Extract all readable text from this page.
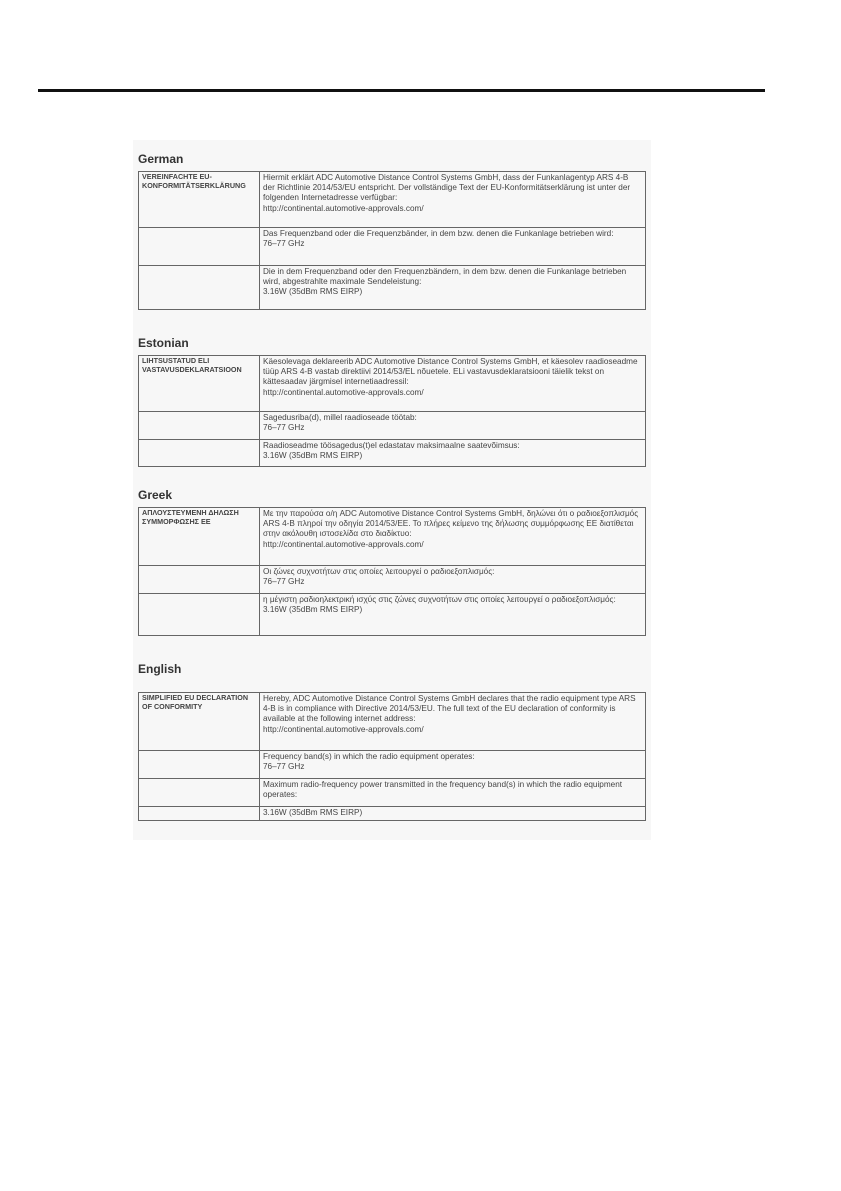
German
VEREINFACHTE EU-KONFORMITÄTSERKLÄRUNG	Hiermit erklärt ADC Automotive Distance Control Systems GmbH, dass der Funkanlagentyp ARS 4-B der Richtlinie 2014/53/EU entspricht. Der vollständige Text der EU-Konformitätserklärung ist unter der folgenden Internetadresse verfügbar:
http://continental.automotive-approvals.com/

	Das Frequenzband oder die Frequenzbänder, in dem bzw. denen die Funkanlage betrieben wird:
76–77 GHz

	Die in dem Frequenzband oder den Frequenzbändern, in dem bzw. denen die Funkanlage betrieben wird, abgestrahlte maximale Sendeleistung:
3.16W (35dBm RMS EIRP)
Estonian
LIHTSUSTATUD ELI VASTAVUSDEKLARATSIOON	Käesolevaga deklareerib ADC Automotive Distance Control Systems GmbH, et käesolev raadioseadme tüüp ARS 4-B vastab direktiivi 2014/53/EL nõuetele. ELi vastavusdeklaratsiooni täielik tekst on kättesaadav järgmisel internetiaadressil:
http://continental.automotive-approvals.com/

	Sagedusriba(d), millel raadioseade töötab:
76–77 GHz

	Raadioseadme töösagedus(t)el edastatav maksimaalne saatevõimsus:
3.16W (35dBm RMS EIRP)
Greek
ΑΠΛΟΥΣΤΕΥΜΕΝΗ ΔΗΛΩΣΗ ΣΥΜΜΟΡΦΩΣΗΣ ΕΕ	Με την παρούσα ο/η ADC Automotive Distance Control Systems GmbH, δηλώνει ότι ο ραδιοεξοπλισμός ARS 4-B πληροί την οδηγία 2014/53/ΕΕ. Το πλήρες κείμενο της δήλωσης συμμόρφωσης ΕΕ διατίθεται στην ακόλουθη ιστοσελίδα στο διαδίκτυο:
http://continental.automotive-approvals.com/

	Οι ζώνες συχνοτήτων στις οποίες λειτουργεί ο ραδιοεξοπλισμός:
76–77 GHz

	η μέγιστη ραδιοηλεκτρική ισχύς στις ζώνες συχνοτήτων στις οποίες λειτουργεί ο ραδιοεξοπλισμός:
3.16W (35dBm RMS EIRP)
English
SIMPLIFIED EU DECLARATION OF CONFORMITY	Hereby, ADC Automotive Distance Control Systems GmbH declares that the radio equipment type ARS 4-B is in compliance with Directive 2014/53/EU. The full text of the EU declaration of conformity is available at the following internet address:
http://continental.automotive-approvals.com/

	Frequency band(s) in which the radio equipment operates:
76–77 GHz

	Maximum radio-frequency power transmitted in the frequency band(s) in which the radio equipment operates:

	3.16W (35dBm RMS EIRP)
